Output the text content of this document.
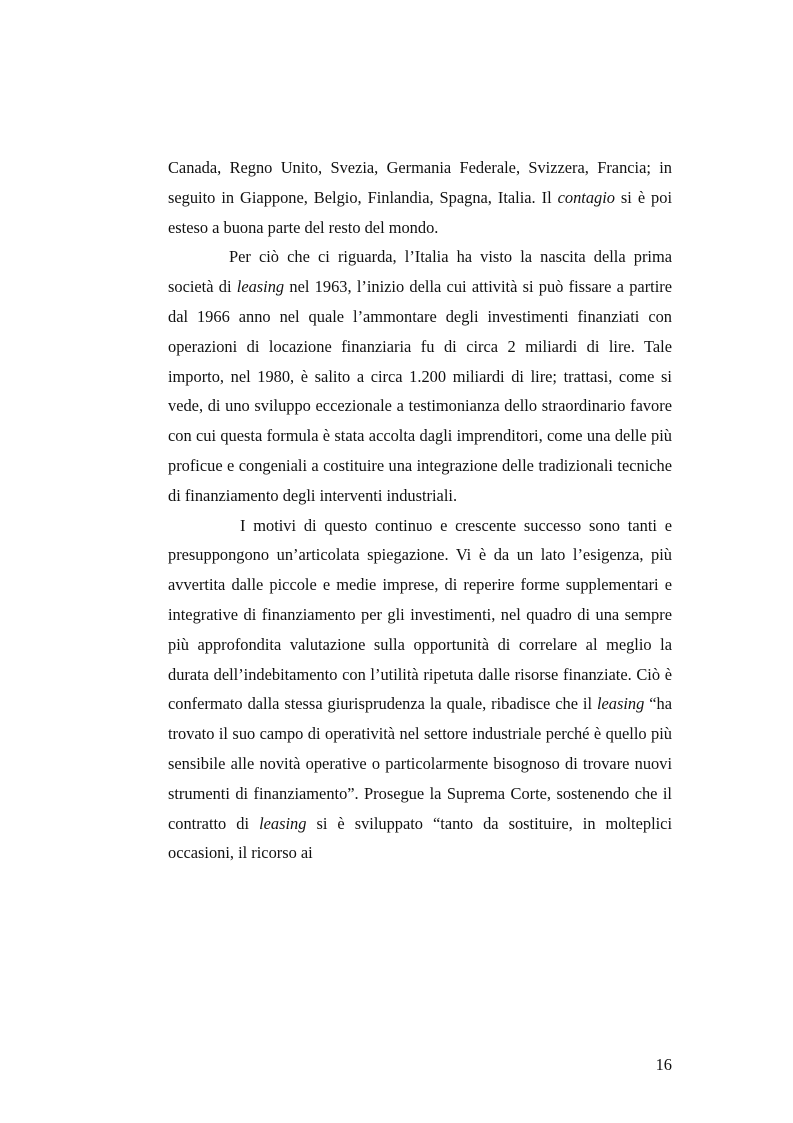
Canada, Regno Unito, Svezia, Germania Federale, Svizzera, Francia; in seguito in Giappone, Belgio, Finlandia, Spagna, Italia. Il contagio si è poi esteso a buona parte del resto del mondo.

Per ciò che ci riguarda, l’Italia ha visto la nascita della prima società di leasing nel 1963, l’inizio della cui attività si può fissare a partire dal 1966 anno nel quale l’ammontare degli investimenti finanziati con operazioni di locazione finanziaria fu di circa 2 miliardi di lire. Tale importo, nel 1980, è salito a circa 1.200 miliardi di lire; trattasi, come si vede, di uno sviluppo eccezionale a testimonianza dello straordinario favore con cui questa formula è stata accolta dagli imprenditori, come una delle più proficue e congeniali a costituire una integrazione delle tradizionali tecniche di finanziamento degli interventi industriali.

I motivi di questo continuo e crescente successo sono tanti e presuppongono un’articolata spiegazione. Vi è da un lato l’esigenza, più avvertita dalle piccole e medie imprese, di reperire forme supplementari e integrative di finanziamento per gli investimenti, nel quadro di una sempre più approfondita valutazione sulla opportunità di correlare al meglio la durata dell’indebitamento con l’utilità ripetuta dalle risorse finanziate. Ciò è confermato dalla stessa giurisprudenza la quale, ribadisce che il leasing “ha trovato il suo campo di operatività nel settore industriale perché è quello più sensibile alle novità operative o particolarmente bisognoso di trovare nuovi strumenti di finanziamento”. Prosegue la Suprema Corte, sostenendo che il contratto di leasing si è sviluppato “tanto da sostituire, in molteplici occasioni, il ricorso ai

16
